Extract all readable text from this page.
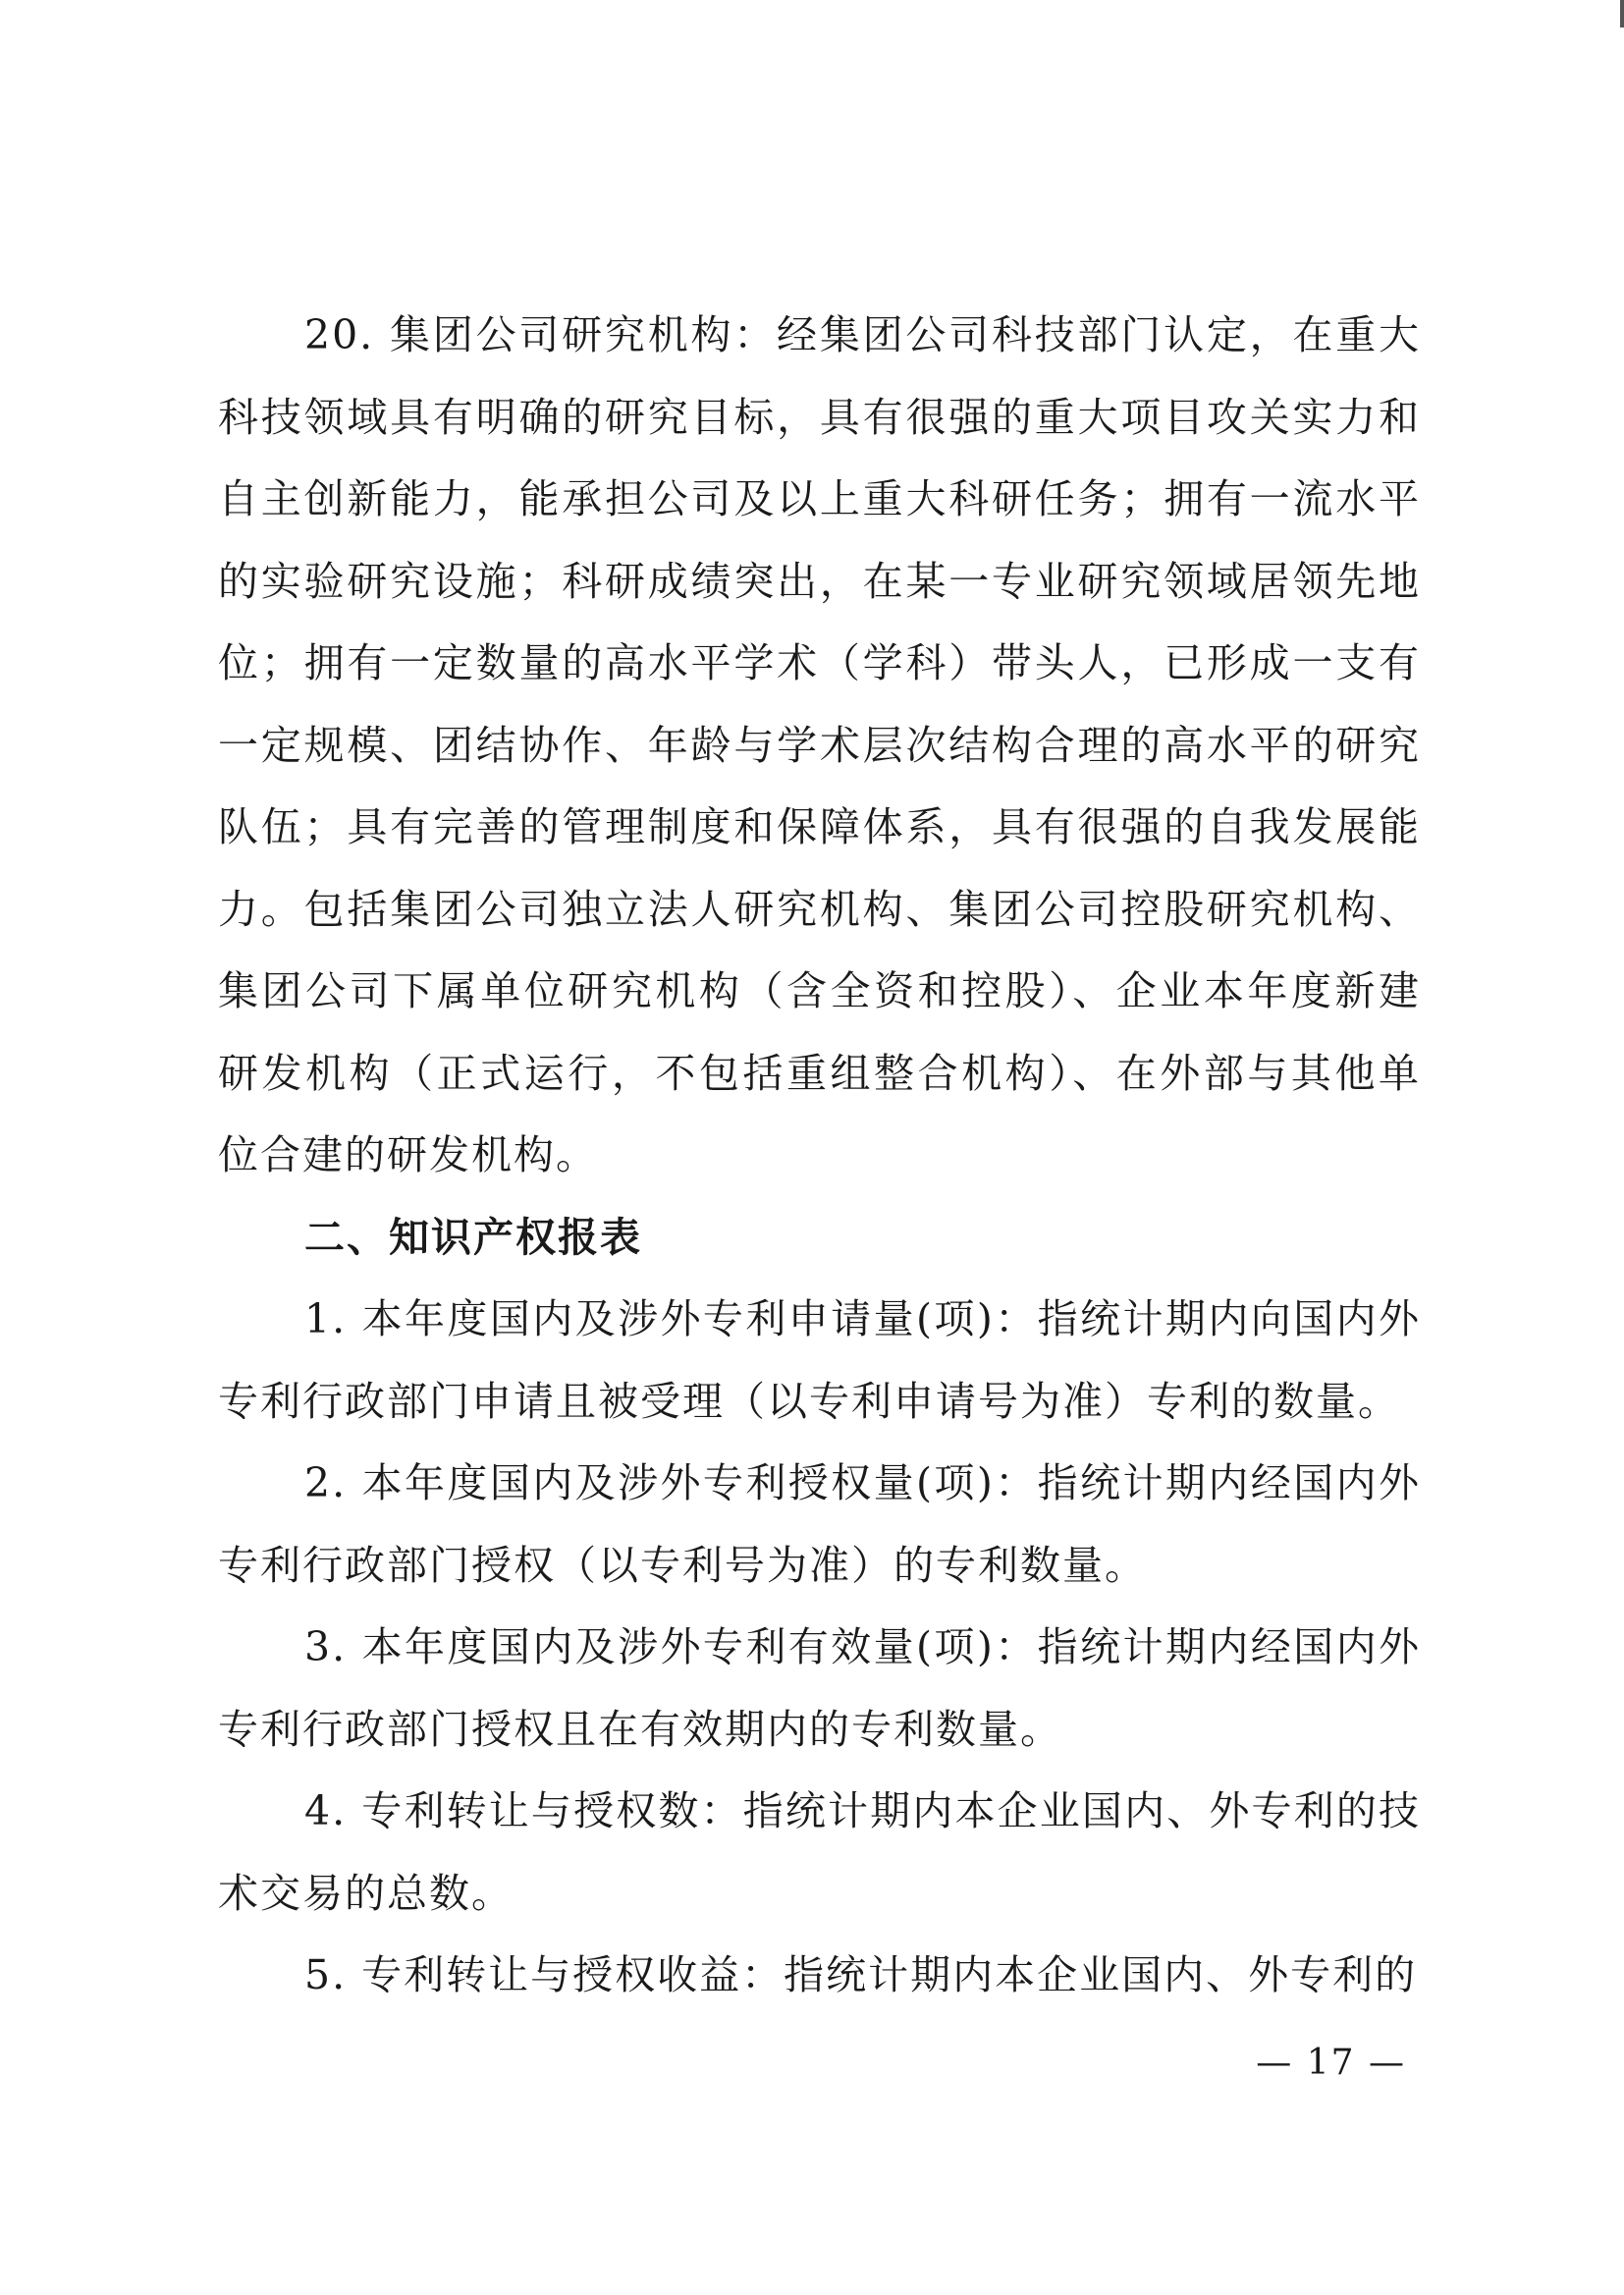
20. 集团公司研究机构：经集团公司科技部门认定，在重大科技领域具有明确的研究目标，具有很强的重大项目攻关实力和自主创新能力，能承担公司及以上重大科研任务；拥有一流水平的实验研究设施；科研成绩突出，在某一专业研究领域居领先地位；拥有一定数量的高水平学术（学科）带头人，已形成一支有一定规模、团结协作、年龄与学术层次结构合理的高水平的研究队伍；具有完善的管理制度和保障体系，具有很强的自我发展能力。包括集团公司独立法人研究机构、集团公司控股研究机构、集团公司下属单位研究机构（含全资和控股）、企业本年度新建研发机构（正式运行，不包括重组整合机构）、在外部与其他单位合建的研发机构。

二、知识产权报表

1. 本年度国内及涉外专利申请量(项)：指统计期内向国内外专利行政部门申请且被受理（以专利申请号为准）专利的数量。

2. 本年度国内及涉外专利授权量(项)：指统计期内经国内外专利行政部门授权（以专利号为准）的专利数量。

3. 本年度国内及涉外专利有效量(项)：指统计期内经国内外专利行政部门授权且在有效期内的专利数量。

4. 专利转让与授权数：指统计期内本企业国内、外专利的技术交易的总数。

5. 专利转让与授权收益：指统计期内本企业国内、外专利的

— 17 —
